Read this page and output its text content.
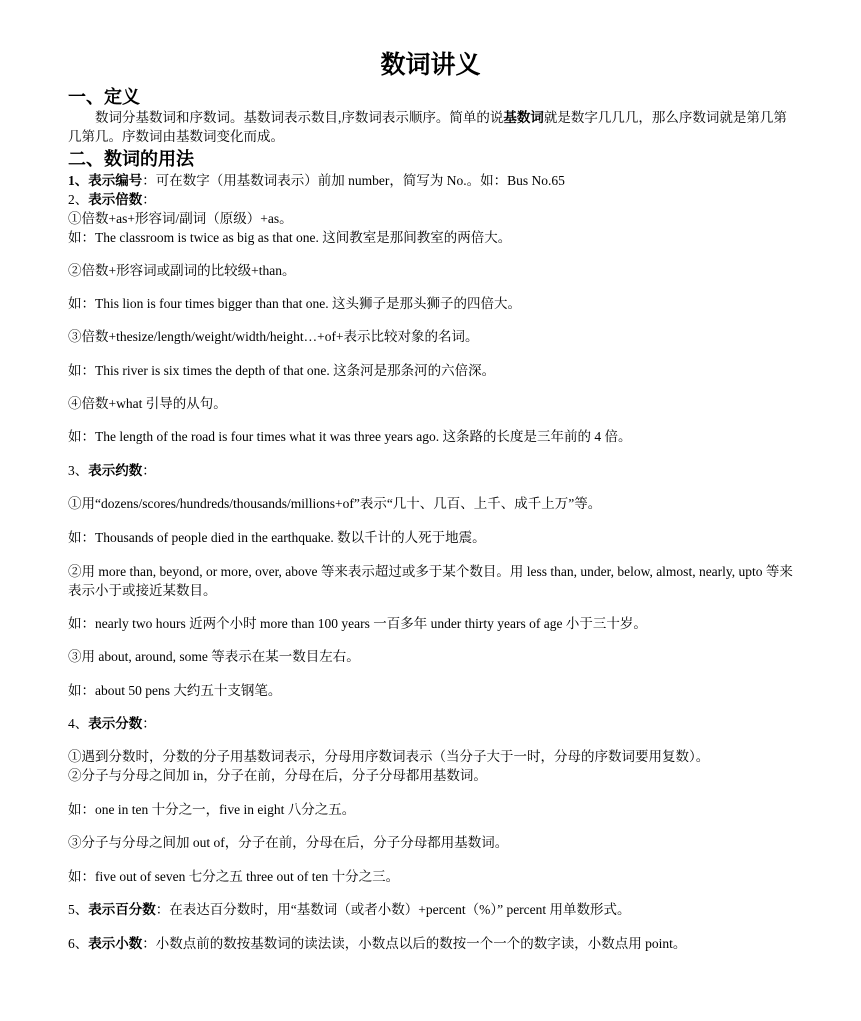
数词讲义
一、定义
数词分基数词和序数词。基数词表示数目,序数词表示顺序。简单的说基数词就是数字几几几，那么序数词就是第几第几第几。序数词由基数词变化而成。
二、数词的用法
1、表示编号：可在数字（用基数词表示）前加 number，简写为 No.。如：Bus No.65
2、表示倍数：
①倍数+as+形容词/副词（原级）+as。
如：The classroom is twice as big as that one. 这间教室是那间教室的两倍大。
②倍数+形容词或副词的比较级+than。
如：This lion is four times bigger than that one. 这头狮子是那头狮子的四倍大。
③倍数+thesize/length/weight/width/height…+of+表示比较对象的名词。
如：This river is six times the depth of that one. 这条河是那条河的六倍深。
④倍数+what 引导的从句。
如：The length of the road is four times what it was three years ago. 这条路的长度是三年前的 4 倍。
3、表示约数：
①用“dozens/scores/hundreds/thousands/millions+of”表示“几十、几百、上千、成千上万”等。
如：Thousands of people died in the earthquake. 数以千计的人死于地震。
②用 more than, beyond, or more, over, above 等来表示超过或多于某个数目。用 less than, under, below, almost, nearly, upto 等来表示小于或接近某数目。
如：nearly two hours 近两个小时 more than 100 years 一百多年 under thirty years of age 小于三十岁。
③用 about, around, some 等表示在某一数目左右。
如：about 50 pens 大约五十支钢笔。
4、表示分数：
①遇到分数时，分数的分子用基数词表示，分母用序数词表示（当分子大于一时，分母的序数词要用复数）。
②分子与分母之间加 in，分子在前，分母在后，分子分母都用基数词。
如：one in ten 十分之一，five in eight 八分之五。
③分子与分母之间加 out of，分子在前，分母在后，分子分母都用基数词。
如：five out of seven 七分之五 three out of ten 十分之三。
5、表示百分数：在表达百分数时，用“基数词（或者小数）+percent（%）” percent 用单数形式。
6、表示小数：小数点前的数按基数词的读法读，小数点以后的数按一个一个的数字读，小数点用 point。
